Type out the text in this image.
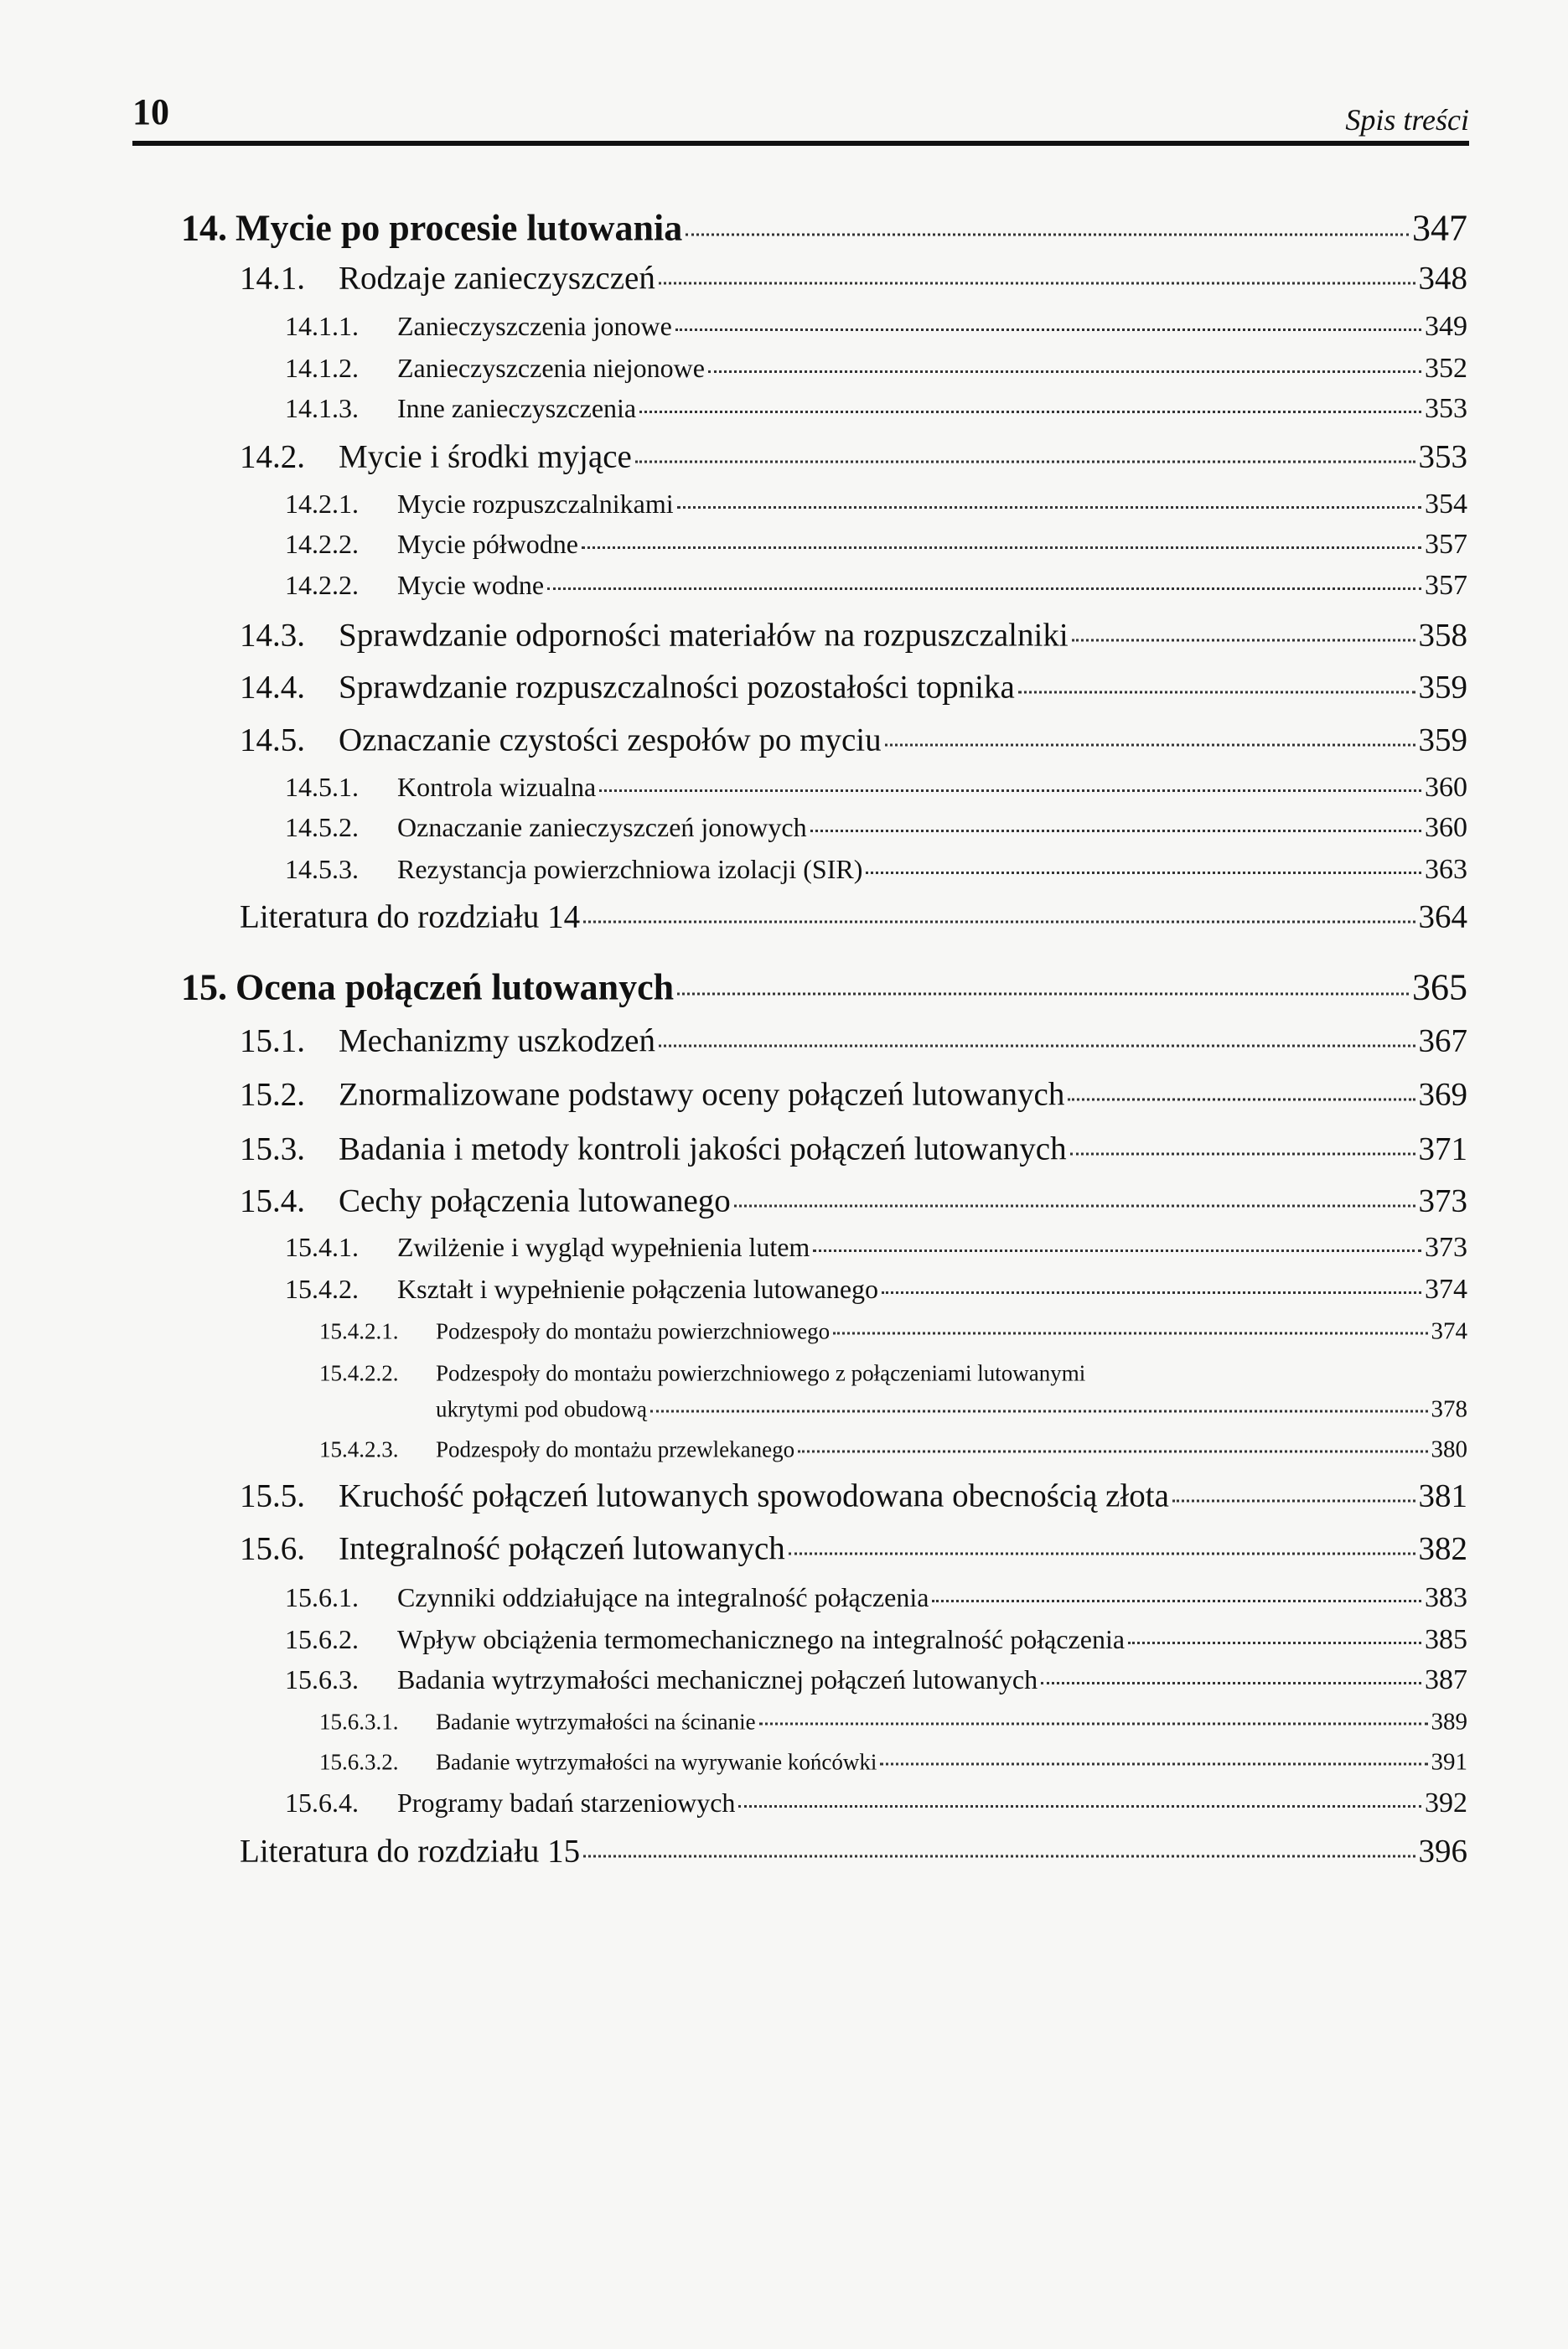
10	Spis treści
14. Mycie po procesie lutowania	347
14.1.	Rodzaje zanieczyszczeń	348
14.1.1.	Zanieczyszczenia jonowe	349
14.1.2.	Zanieczyszczenia niejonowe	352
14.1.3.	Inne zanieczyszczenia	353
14.2.	Mycie i środki myjące	353
14.2.1.	Mycie rozpuszczalnikami	354
14.2.2.	Mycie półwodne	357
14.2.2.	Mycie wodne	357
14.3.	Sprawdzanie odporności materiałów na rozpuszczalniki	358
14.4.	Sprawdzanie rozpuszczalności pozostałości topnika	359
14.5.	Oznaczanie czystości zespołów po myciu	359
14.5.1.	Kontrola wizualna	360
14.5.2.	Oznaczanie zanieczyszczeń jonowych	360
14.5.3.	Rezystancja powierzchniowa izolacji (SIR)	363
Literatura do rozdziału 14	364
15. Ocena połączeń lutowanych	365
15.1.	Mechanizmy uszkodzeń	367
15.2.	Znormalizowane podstawy oceny połączeń lutowanych	369
15.3.	Badania i metody kontroli jakości połączeń lutowanych	371
15.4.	Cechy połączenia lutowanego	373
15.4.1.	Zwilżenie i wygląd wypełnienia lutem	373
15.4.2.	Kształt i wypełnienie połączenia lutowanego	374
15.4.2.1.	Podzespoły do montażu powierzchniowego	374
15.4.2.2.	Podzespoły do montażu powierzchniowego z połączeniami lutowanymi
ukrytymi pod obudową	378
15.4.2.3.	Podzespoły do montażu przewlekanego	380
15.5.	Kruchość połączeń lutowanych spowodowana obecnością złota	381
15.6.	Integralność połączeń lutowanych	382
15.6.1.	Czynniki oddziałujące na integralność połączenia	383
15.6.2.	Wpływ obciążenia termomechanicznego na integralność połączenia	385
15.6.3.	Badania wytrzymałości mechanicznej połączeń lutowanych	387
15.6.3.1.	Badanie wytrzymałości na ścinanie	389
15.6.3.2.	Badanie wytrzymałości na wyrywanie końcówki	391
15.6.4.	Programy badań starzeniowych	392
Literatura do rozdziału 15	396
